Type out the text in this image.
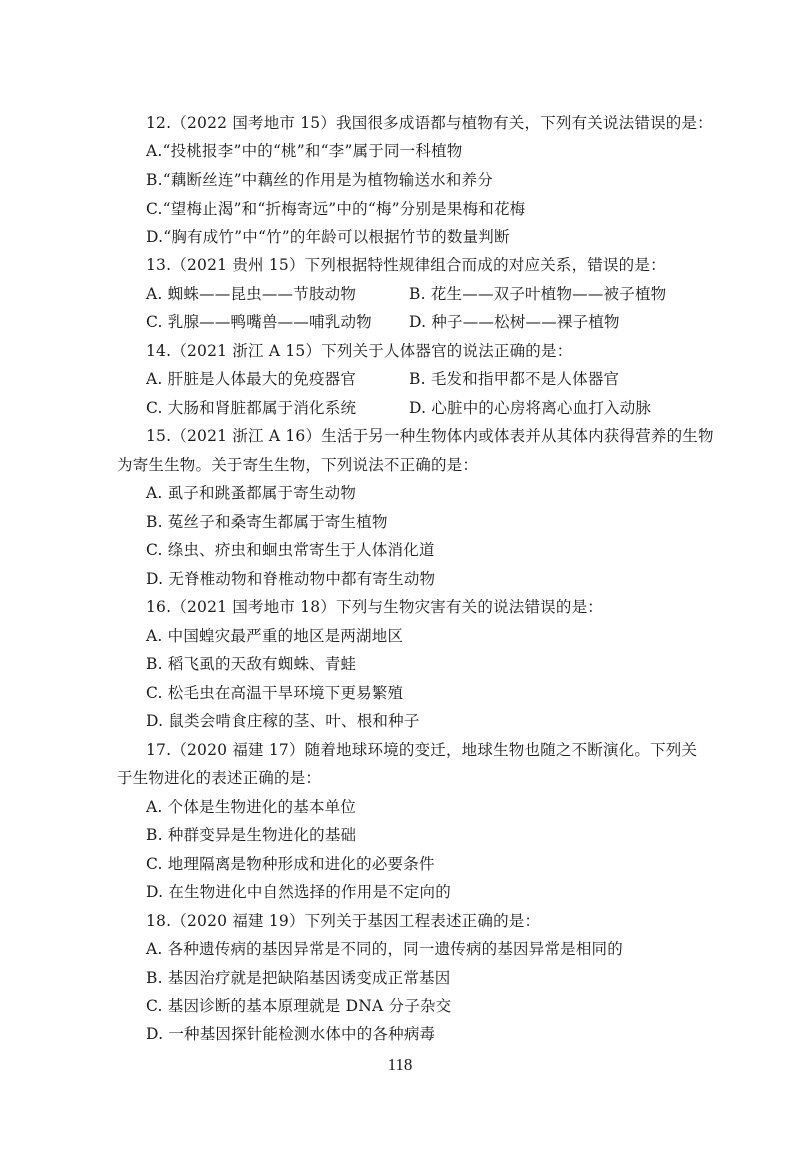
12.（2022 国考地市 15）我国很多成语都与植物有关，下列有关说法错误的是：
A.“投桃报李”中的“桃”和“李”属于同一科植物
B.“藕断丝连”中藕丝的作用是为植物输送水和养分
C.“望梅止渴”和“折梅寄远”中的“梅”分别是果梅和花梅
D.“胸有成竹”中“竹”的年龄可以根据竹节的数量判断
13.（2021 贵州 15）下列根据特性规律组合而成的对应关系，错误的是：
A. 蜘蛛——昆虫——节肢动物	B. 花生——双子叶植物——被子植物
C. 乳腺——鸭嘴兽——哺乳动物 D. 种子——松树——裸子植物
14.（2021 浙江 A 15）下列关于人体器官的说法正确的是：
A. 肝脏是人体最大的免疫器官	B. 毛发和指甲都不是人体器官
C. 大肠和肾脏都属于消化系统	D. 心脏中的心房将离心血打入动脉
15.（2021 浙江 A 16）生活于另一种生物体内或体表并从其体内获得营养的生物
为寄生生物。关于寄生生物，下列说法不正确的是：
A. 虱子和跳蚤都属于寄生动物
B. 菟丝子和桑寄生都属于寄生植物
C. 绦虫、疥虫和蛔虫常寄生于人体消化道
D. 无脊椎动物和脊椎动物中都有寄生动物
16.（2021 国考地市 18）下列与生物灾害有关的说法错误的是：
A. 中国蝗灾最严重的地区是两湖地区
B. 稻飞虱的天敌有蜘蛛、青蛙
C. 松毛虫在高温干旱环境下更易繁殖
D. 鼠类会啃食庄稼的茎、叶、根和种子
17.（2020 福建 17）随着地球环境的变迁，地球生物也随之不断演化。下列关
于生物进化的表述正确的是：
A. 个体是生物进化的基本单位
B. 种群变异是生物进化的基础
C. 地理隔离是物种形成和进化的必要条件
D. 在生物进化中自然选择的作用是不定向的
18.（2020 福建 19）下列关于基因工程表述正确的是：
A. 各种遗传病的基因异常是不同的，同一遗传病的基因异常是相同的
B. 基因治疗就是把缺陷基因诱变成正常基因
C. 基因诊断的基本原理就是 DNA 分子杂交
D. 一种基因探针能检测水体中的各种病毒
118
